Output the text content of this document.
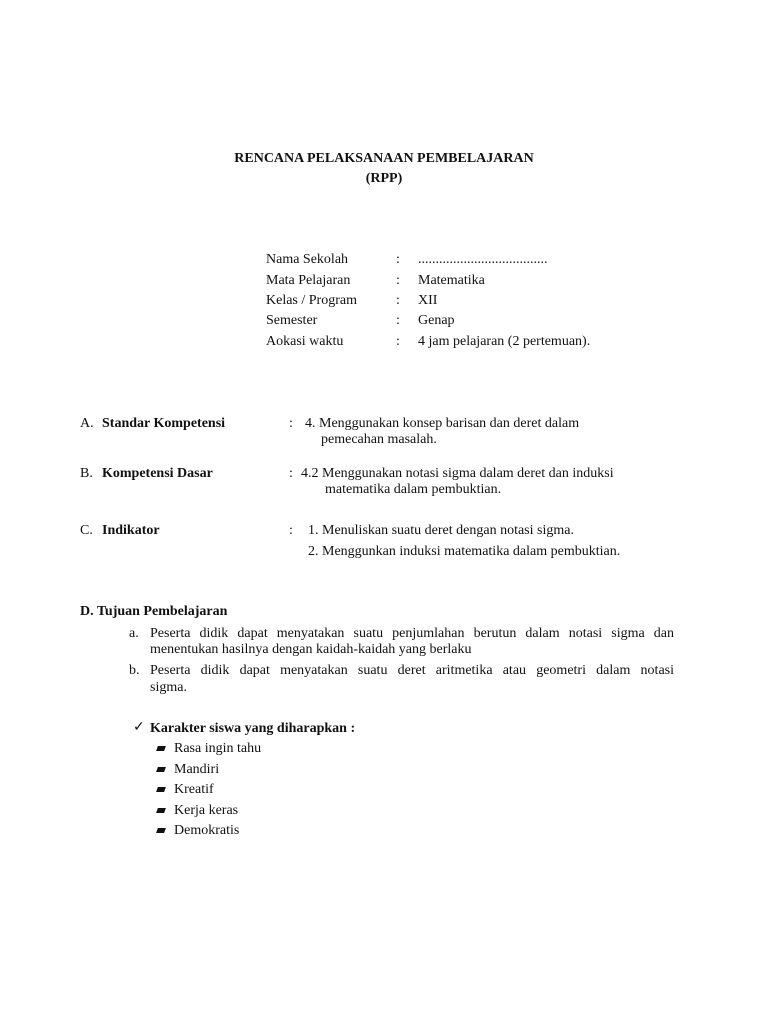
RENCANA PELAKSANAAN PEMBELAJARAN
(RPP)
Nama Sekolah	: .....................................
Mata Pelajaran	: Matematika
Kelas / Program	: XII
Semester	: Genap
Aokasi waktu	: 4 jam pelajaran (2 pertemuan).
A. Standar Kompetensi	: 4. Menggunakan konsep barisan dan deret dalam
pemecahan masalah.
B. Kompetensi Dasar	: 4.2 Menggunakan notasi sigma dalam deret dan induksi
matematika dalam pembuktian.
C. Indikator	: 1. Menuliskan suatu deret dengan notasi sigma.
2. Menggunkan induksi matematika dalam pembuktian.
D. Tujuan Pembelajaran
a. Peserta didik dapat menyatakan suatu penjumlahan berutun dalam notasi sigma dan
menentukan hasilnya dengan kaidah-kaidah yang berlaku
b. Peserta didik dapat menyatakan suatu deret aritmetika atau geometri dalam notasi
sigma.
✓ Karakter siswa yang diharapkan :
Rasa ingin tahu
Mandiri
Kreatif
Kerja keras
Demokratis
